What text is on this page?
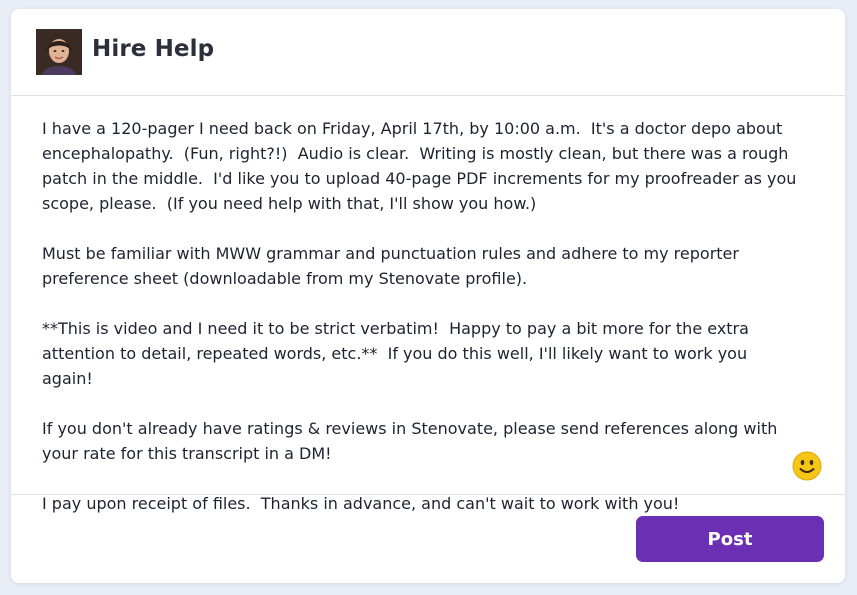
Hire Help

I have a 120-pager I need back on Friday, April 17th, by 10:00 a.m.  It's a doctor depo about encephalopathy.  (Fun, right?!)  Audio is clear.  Writing is mostly clean, but there was a rough patch in the middle.  I'd like you to upload 40-page PDF increments for my proofreader as you scope, please.  (If you need help with that, I'll show you how.)

Must be familiar with MWW grammar and punctuation rules and adhere to my reporter preference sheet (downloadable from my Stenovate profile).

**This is video and I need it to be strict verbatim!  Happy to pay a bit more for the extra attention to detail, repeated words, etc.**  If you do this well, I'll likely want to work you again!

If you don't already have ratings & reviews in Stenovate, please send references along with your rate for this transcript in a DM!

I pay upon receipt of files.  Thanks in advance, and can't wait to work with you!

Post
